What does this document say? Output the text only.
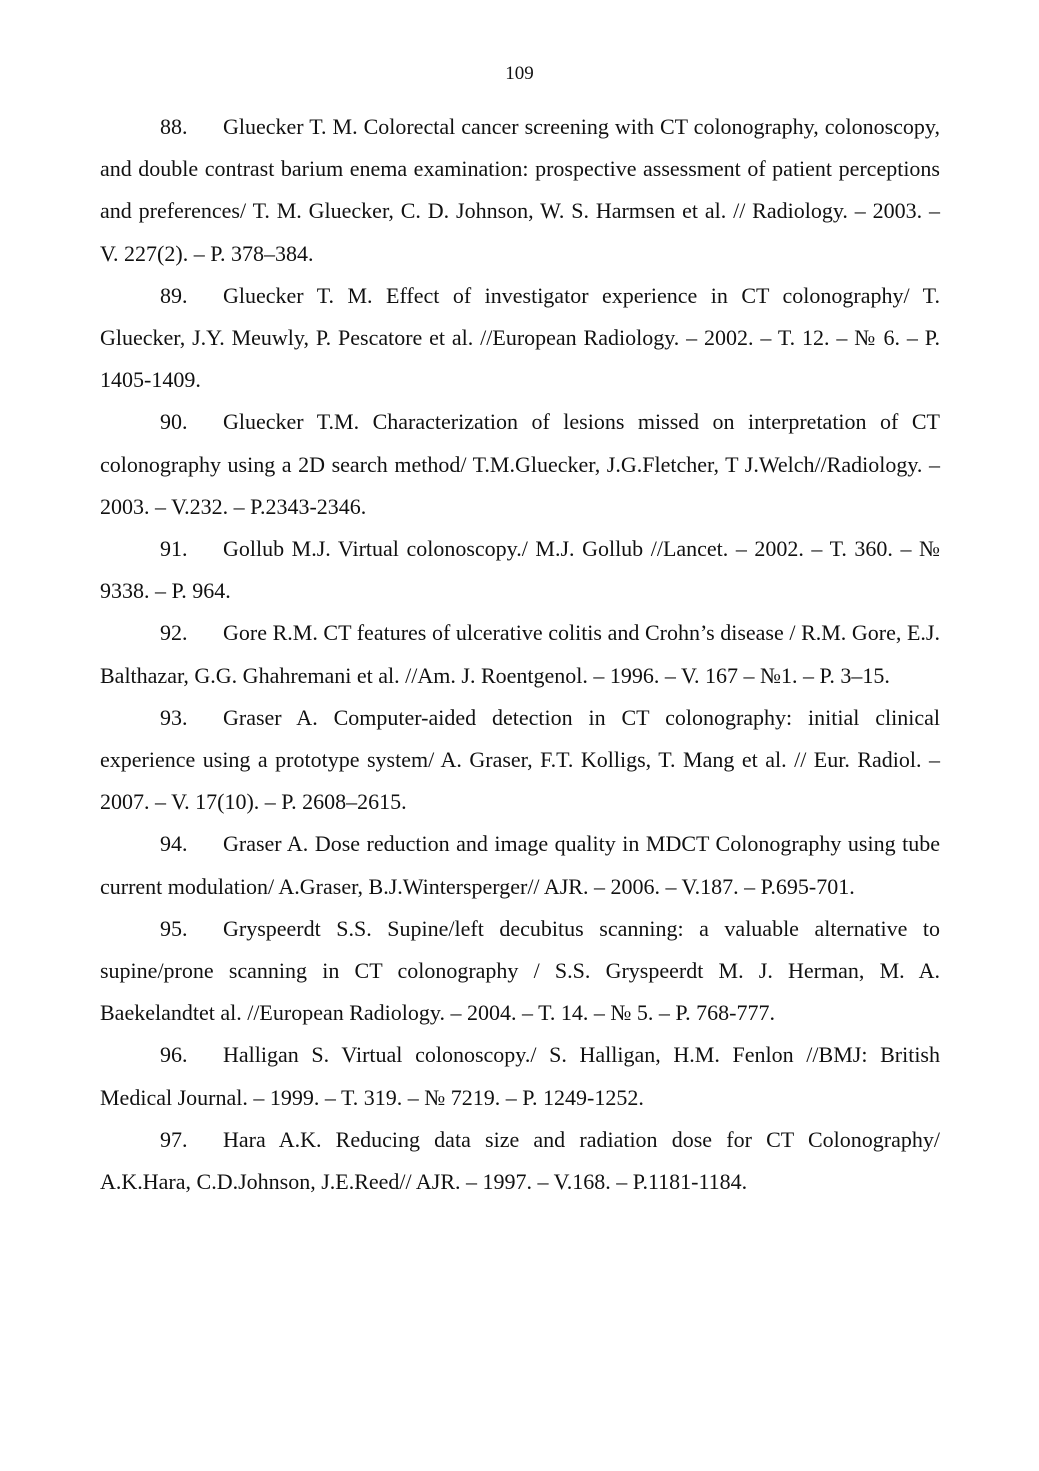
109

88. Gluecker T. M. Colorectal cancer screening with CT colonography, colonoscopy, and double contrast barium enema examination: prospective assessment of patient perceptions and preferences/ T. M. Gluecker, C. D. Johnson, W. S. Harmsen et al. // Radiology. – 2003. – V. 227(2). – P. 378–384.

89. Gluecker T. M. Effect of investigator experience in CT colonography/ T. Gluecker, J.Y. Meuwly, P. Pescatore et al. //European Radiology. – 2002. – T. 12. – № 6. – P. 1405-1409.

90. Gluecker T.M. Characterization of lesions missed on interpretation of CT colonography using a 2D search method/ T.M.Gluecker, J.G.Fletcher, T J.Welch//Radiology. – 2003. – V.232. – P.2343-2346.

91. Gollub M.J. Virtual colonoscopy./ M.J. Gollub //Lancet. – 2002. – T. 360. – № 9338. – P. 964.

92. Gore R.M. CT features of ulcerative colitis and Crohn’s disease / R.M. Gore, E.J. Balthazar, G.G. Ghahremani et al. //Am. J. Roentgenol. – 1996. – V. 167 – №1. – P. 3–15.

93. Graser A. Computer-aided detection in CT colonography: initial clinical experience using a prototype system/ A. Graser, F.T. Kolligs, T. Mang et al. // Eur. Radiol. – 2007. – V. 17(10). – P. 2608–2615.

94. Graser A. Dose reduction and image quality in MDCT Colonography using tube current modulation/ A.Graser, B.J.Wintersperger// AJR. – 2006. – V.187. – P.695-701.

95. Gryspeerdt S.S. Supine/left decubitus scanning: a valuable alternative to supine/prone scanning in CT colonography / S.S. Gryspeerdt M. J. Herman, M. A. Baekelandtet al. //European Radiology. – 2004. – T. 14. – № 5. – P. 768-777.

96. Halligan S. Virtual colonoscopy./ S. Halligan, H.M. Fenlon //BMJ: British Medical Journal. – 1999. – T. 319. – № 7219. – P. 1249-1252.

97. Hara A.K. Reducing data size and radiation dose for CT Colonography/ A.K.Hara, C.D.Johnson, J.E.Reed// AJR. – 1997. – V.168. – P.1181-1184.
